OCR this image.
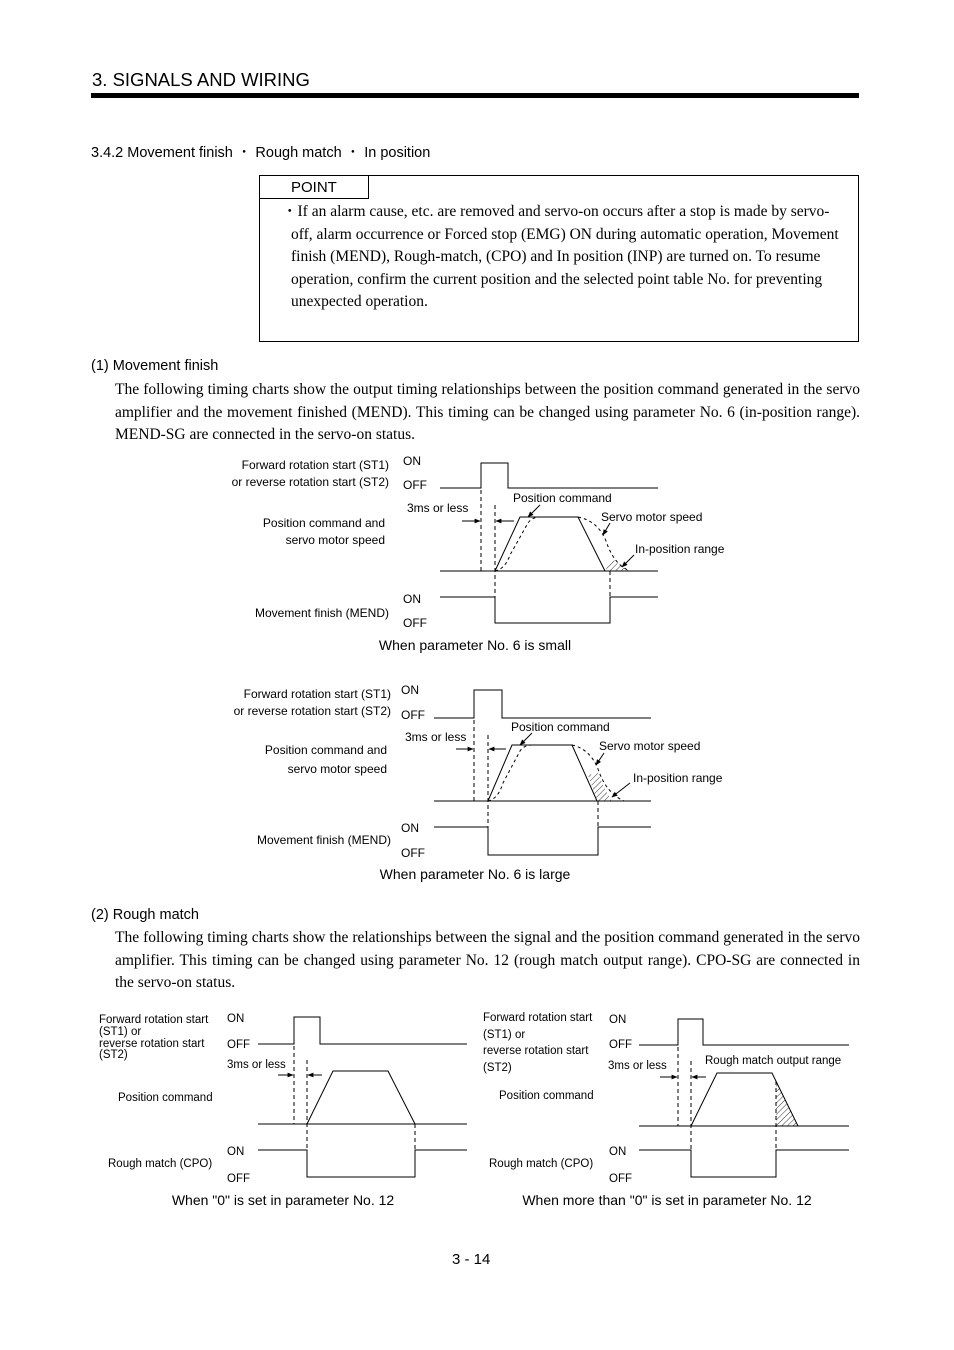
3. SIGNALS AND WIRING
3.4.2 Movement finish ・ Rough match ・ In position
POINT
・If an alarm cause, etc. are removed and servo-on occurs after a stop is made by servo-off, alarm occurrence or Forced stop (EMG) ON during automatic operation, Movement finish (MEND), Rough-match, (CPO) and In position (INP) are turned on. To resume operation, confirm the current position and the selected point table No. for preventing unexpected operation.
(1) Movement finish
The following timing charts show the output timing relationships between the position command generated in the servo amplifier and the movement finished (MEND). This timing can be changed using parameter No. 6 (in-position range). MEND-SG are connected in the servo-on status.
Forward rotation start (ST1)
or reverse rotation start (ST2)
Position command and
servo motor speed
Movement finish (MEND)
ON
OFF
3ms or less
Position command
Servo motor speed
In-position range
ON
OFF
When parameter No. 6 is small
Forward rotation start (ST1)
or reverse rotation start (ST2)
Position command and
servo motor speed
Movement finish (MEND)
ON
OFF
3ms or less
Position command
Servo motor speed
In-position range
ON
OFF
When parameter No. 6 is large
(2) Rough match
The following timing charts show the relationships between the signal and the position command generated in the servo amplifier. This timing can be changed using parameter No. 12 (rough match output range). CPO-SG are connected in the servo-on status.
Forward rotation start
(ST1) or
reverse rotation start
(ST2)
Position command
Rough match (CPO)
ON
OFF
3ms or less
ON
OFF
When "0" is set in parameter No. 12
Forward rotation start
(ST1) or
reverse rotation start
(ST2)
Position command
Rough match (CPO)
ON
OFF
3ms or less	Rough match output range
ON
OFF
When more than "0" is set in parameter No. 12
3 - 14
